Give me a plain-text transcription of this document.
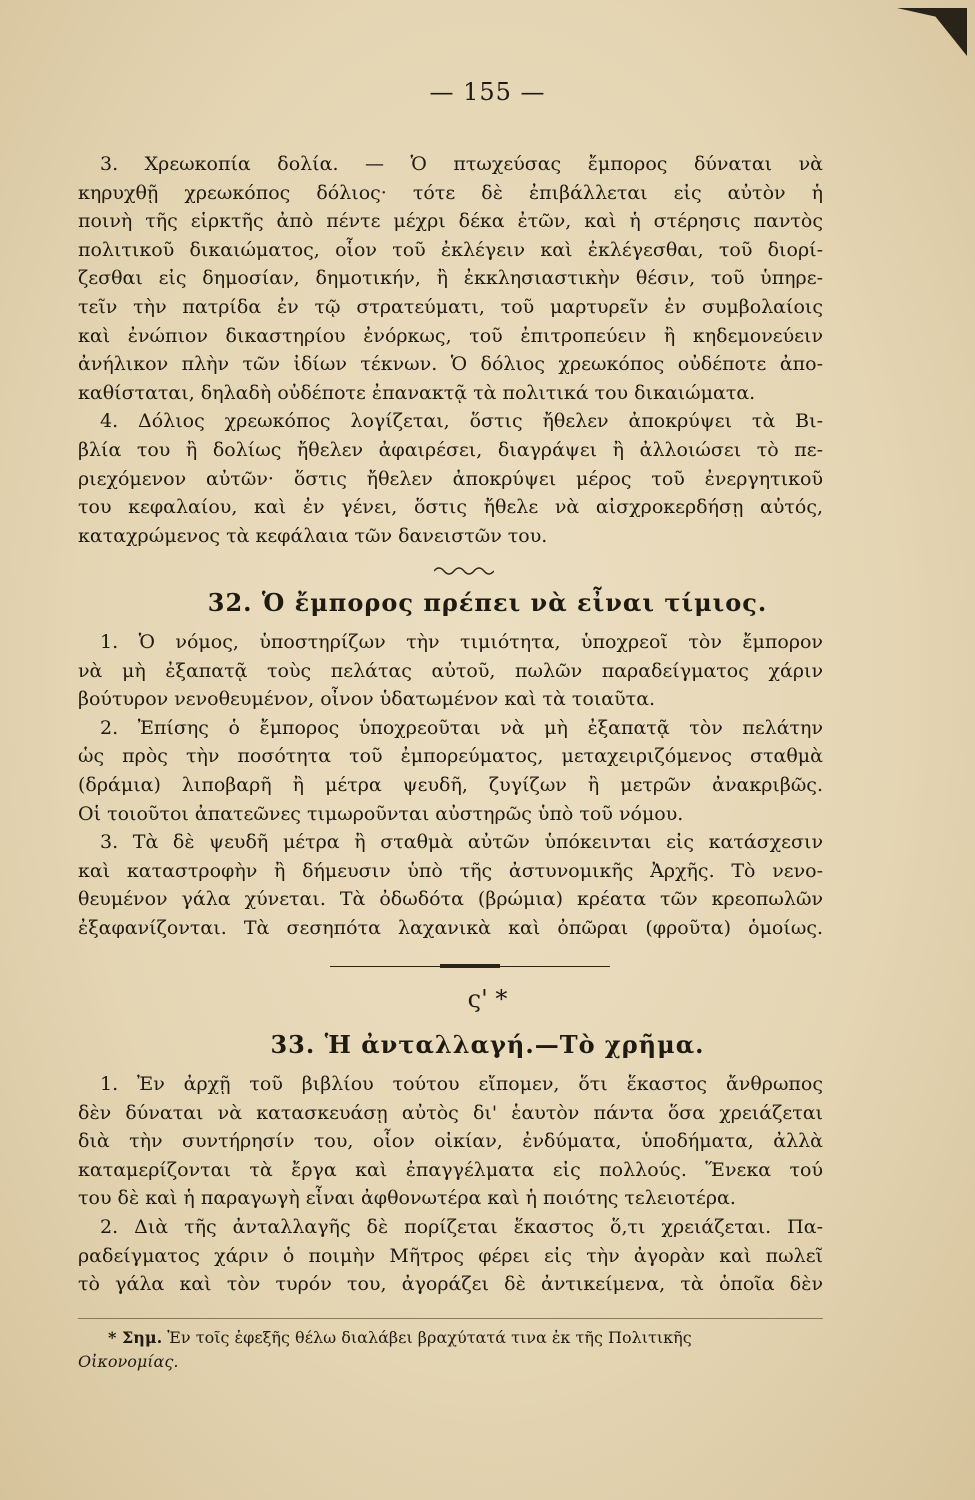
— 155 —
3. Χρεωκοπία δολία. — Ὁ πτωχεύσας ἔμπορος δύναται νὰ
κηρυχθῇ χρεωκόπος δόλιος· τότε δὲ ἐπιβάλλεται εἰς αὐτὸν ἡ
ποινὴ τῆς εἱρκτῆς ἀπὸ πέντε μέχρι δέκα ἐτῶν, καὶ ἡ στέρησις παντὸς
πολιτικοῦ δικαιώματος, οἷον τοῦ ἐκλέγειν καὶ ἐκλέγεσθαι, τοῦ διορί-
ζεσθαι εἰς δημοσίαν, δημοτικήν, ἢ ἐκκλησιαστικὴν θέσιν, τοῦ ὑπηρε-
τεῖν τὴν πατρίδα ἐν τῷ στρατεύματι, τοῦ μαρτυρεῖν ἐν συμβολαίοις
καὶ ἐνώπιον δικαστηρίου ἐνόρκως, τοῦ ἐπιτροπεύειν ἢ κηδεμονεύειν
ἀνήλικον πλὴν τῶν ἰδίων τέκνων. Ὁ δόλιος χρεωκόπος οὐδέποτε ἀπο-
καθίσταται, δηλαδὴ οὐδέποτε ἐπανακτᾷ τὰ πολιτικά του δικαιώματα.
4. Δόλιος χρεωκόπος λογίζεται, ὅστις ἤθελεν ἀποκρύψει τὰ Βι-
βλία του ἢ δολίως ἤθελεν ἀφαιρέσει, διαγράψει ἢ ἀλλοιώσει τὸ πε-
ριεχόμενον αὐτῶν· ὅστις ἤθελεν ἀποκρύψει μέρος τοῦ ἐνεργητικοῦ
του κεφαλαίου, καὶ ἐν γένει, ὅστις ἤθελε νὰ αἰσχροκερδήσῃ αὐτός,
καταχρώμενος τὰ κεφάλαια τῶν δανειστῶν του.
32. Ὁ ἔμπορος πρέπει νὰ εἶναι τίμιος.
1. Ὁ νόμος, ὑποστηρίζων τὴν τιμιότητα, ὑποχρεοῖ τὸν ἔμπορον
νὰ μὴ ἐξαπατᾷ τοὺς πελάτας αὐτοῦ, πωλῶν παραδείγματος χάριν
βούτυρον νενοθευμένον, οἶνον ὑδατωμένον καὶ τὰ τοιαῦτα.
2. Ἐπίσης ὁ ἔμπορος ὑποχρεοῦται νὰ μὴ ἐξαπατᾷ τὸν πελάτην
ὡς πρὸς τὴν ποσότητα τοῦ ἐμπορεύματος, μεταχειριζόμενος σταθμὰ
(δράμια) λιποβαρῆ ἢ μέτρα ψευδῆ, ζυγίζων ἢ μετρῶν ἀνακριβῶς.
Οἱ τοιοῦτοι ἀπατεῶνες τιμωροῦνται αὐστηρῶς ὑπὸ τοῦ νόμου.
3. Τὰ δὲ ψευδῆ μέτρα ἢ σταθμὰ αὐτῶν ὑπόκεινται εἰς κατάσχεσιν
καὶ καταστροφὴν ἢ δήμευσιν ὑπὸ τῆς ἀστυνομικῆς Ἀρχῆς. Τὸ νενο-
θευμένον γάλα χύνεται. Τὰ ὀδωδότα (βρώμια) κρέατα τῶν κρεοπωλῶν
ἐξαφανίζονται. Τὰ σεσηπότα λαχανικὰ καὶ ὀπῶραι (φροῦτα) ὁμοίως.
ς' *
33. Ἡ ἀνταλλαγή.—Τὸ χρῆμα.
1. Ἐν ἀρχῇ τοῦ βιβλίου τούτου εἴπομεν, ὅτι ἕκαστος ἄνθρωπος
δὲν δύναται νὰ κατασκευάσῃ αὐτὸς δι' ἑαυτὸν πάντα ὅσα χρειάζεται
διὰ τὴν συντήρησίν του, οἷον οἰκίαν, ἐνδύματα, ὑποδήματα, ἀλλὰ
καταμερίζονται τὰ ἔργα καὶ ἐπαγγέλματα εἰς πολλούς. Ἕνεκα τού
του δὲ καὶ ἡ παραγωγὴ εἶναι ἀφθονωτέρα καὶ ἡ ποιότης τελειοτέρα.
2. Διὰ τῆς ἀνταλλαγῆς δὲ πορίζεται ἕκαστος ὅ,τι χρειάζεται. Πα-
ραδείγματος χάριν ὁ ποιμὴν Μῆτρος φέρει εἰς τὴν ἀγορὰν καὶ πωλεῖ
τὸ γάλα καὶ τὸν τυρόν του, ἀγοράζει δὲ ἀντικείμενα, τὰ ὁποῖα δὲν
* Σημ. Ἐν τοῖς ἐφεξῆς θέλω διαλάβει βραχύτατά τινα ἐκ τῆς Πολιτικῆς
Οἰκονομίας.
